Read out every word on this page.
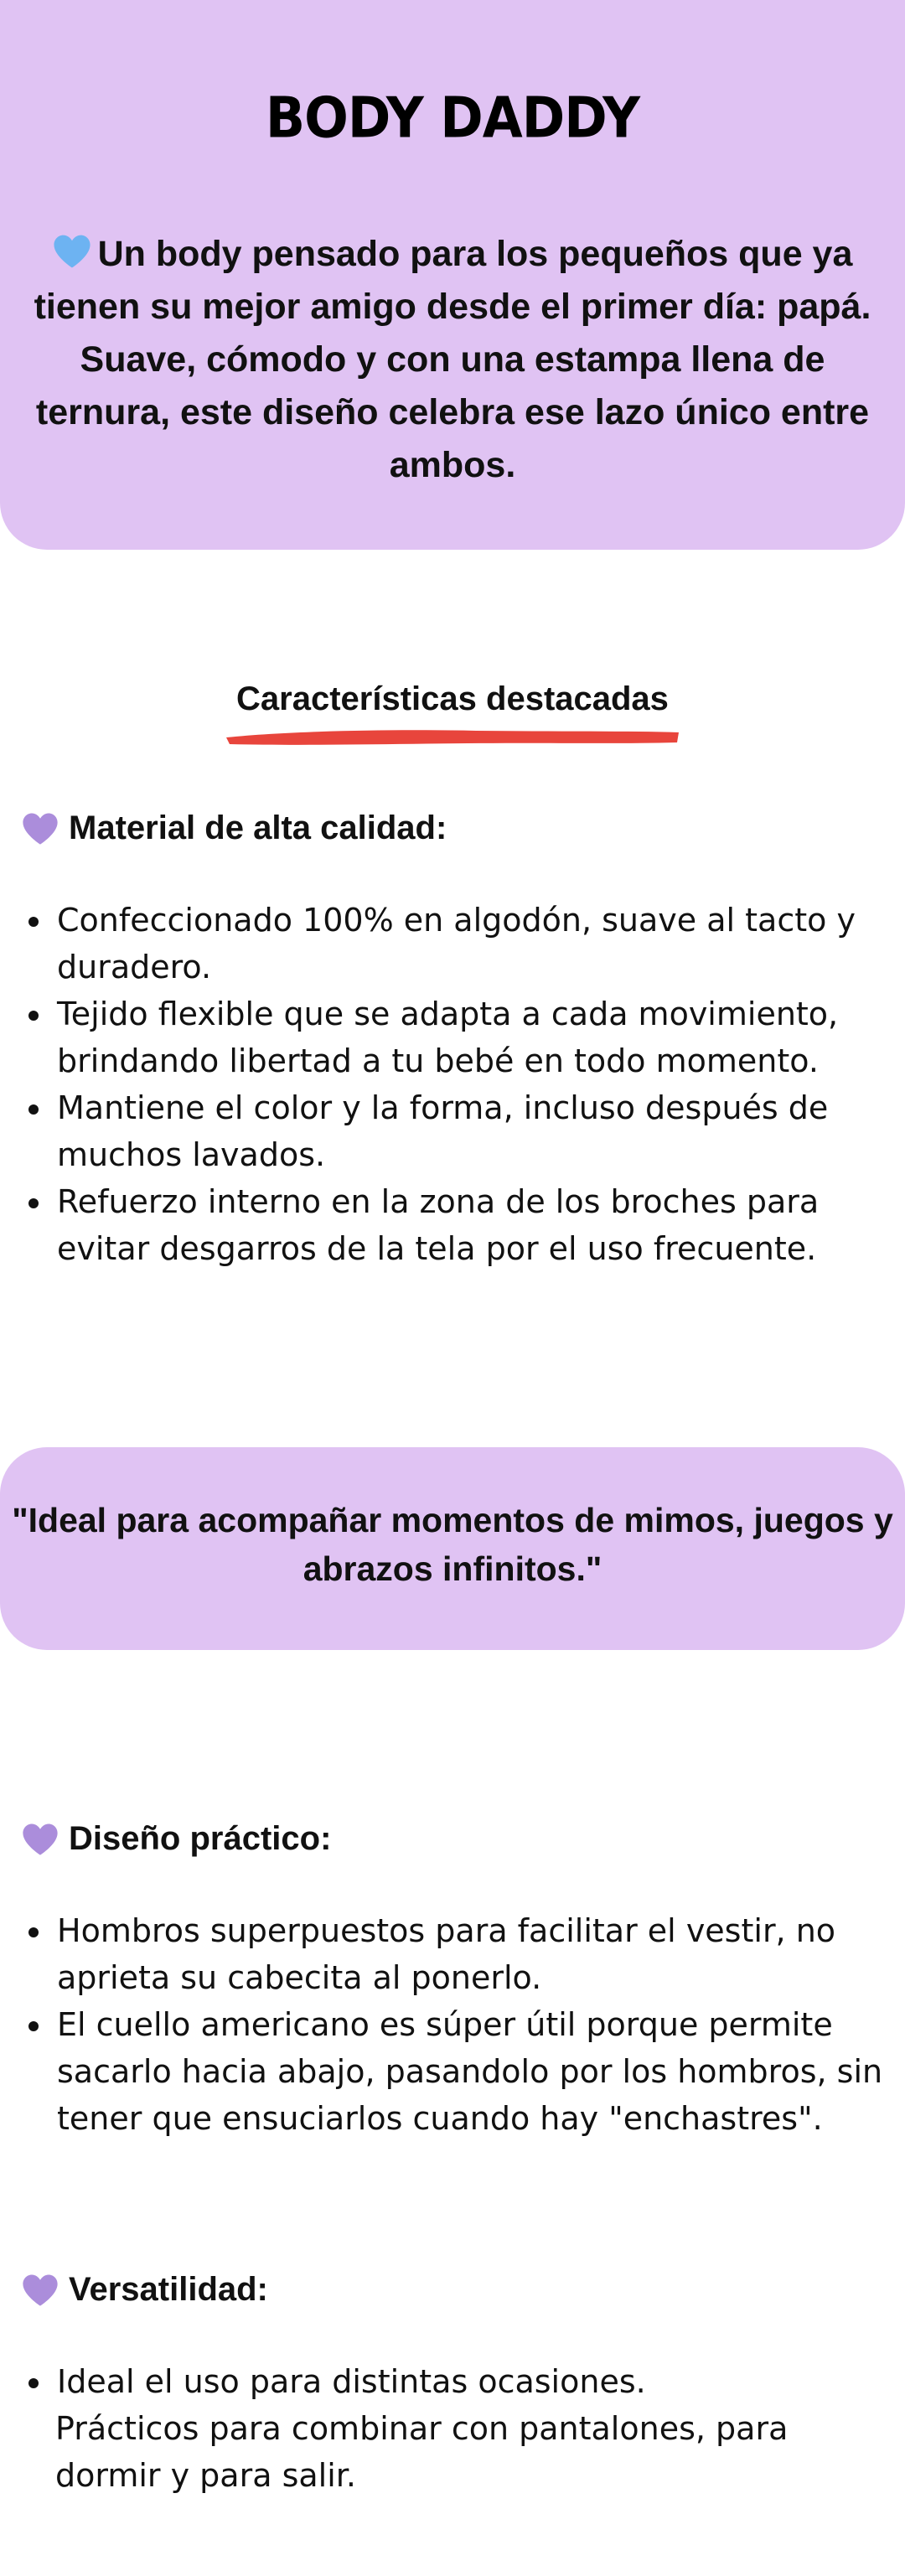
BODY DADDY

Un body pensado para los pequeños que ya tienen su mejor amigo desde el primer día: papá. Suave, cómodo y con una estampa llena de ternura, este diseño celebra ese lazo único entre ambos.

Características destacadas
Material de alta calidad:
Confeccionado 100% en algodón, suave al tacto y duradero.
Tejido flexible que se adapta a cada movimiento, brindando libertad a tu bebé en todo momento.
Mantiene el color y la forma, incluso después de muchos lavados.
Refuerzo interno en la zona de los broches para evitar desgarros de la tela por el uso frecuente.

"Ideal para acompañar momentos de mimos, juegos y abrazos infinitos."

Diseño práctico:
Hombros superpuestos para facilitar el vestir, no aprieta su cabecita al ponerlo.
El cuello americano es súper útil porque permite sacarlo hacia abajo, pasandolo por los hombros, sin tener que ensuciarlos cuando hay "enchastres".
Versatilidad:
Ideal el uso para distintas ocasiones.
Prácticos para combinar con pantalones, para dormir y para salir.
